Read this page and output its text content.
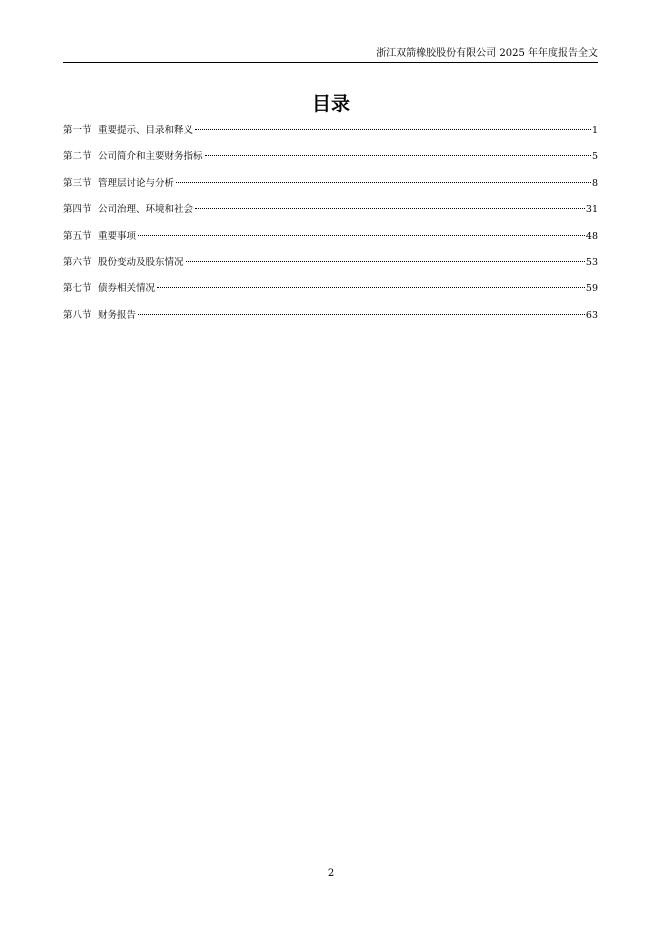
浙江双箭橡胶股份有限公司 2025 年年度报告全文
目录
第一节 重要提示、目录和释义	1
第二节 公司简介和主要财务指标	5
第三节 管理层讨论与分析	8
第四节 公司治理、环境和社会	31
第五节 重要事项	48
第六节 股份变动及股东情况	53
第七节 债券相关情况	59
第八节 财务报告	63
2
